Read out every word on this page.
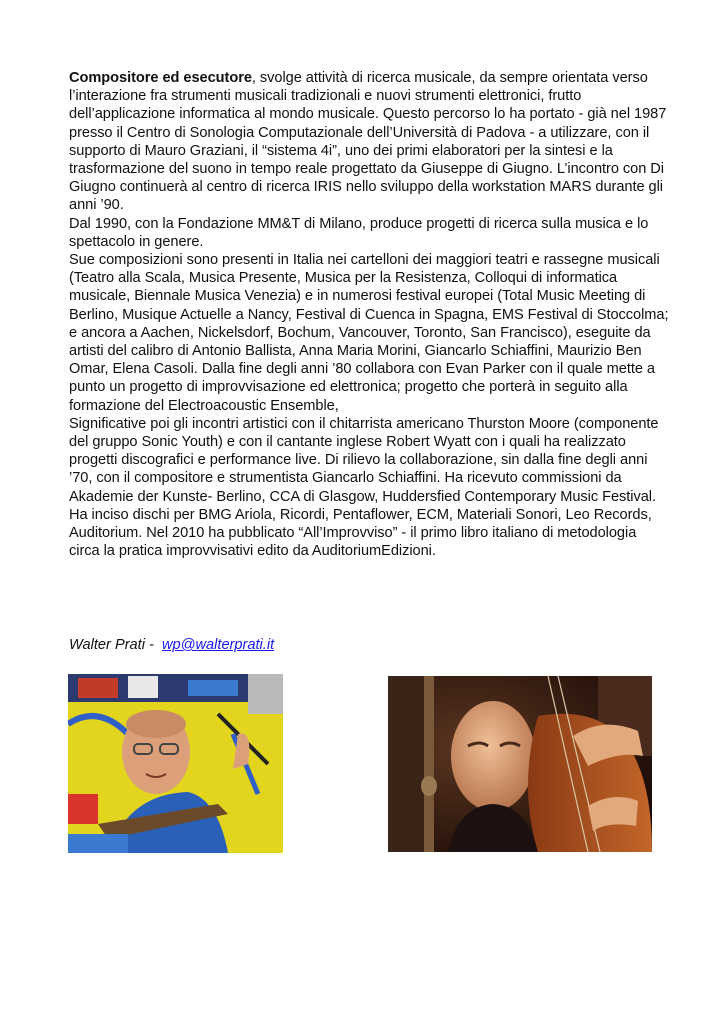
Compositore ed esecutore, svolge attività di ricerca musicale, da sempre orientata verso l’interazione fra strumenti musicali tradizionali e nuovi strumenti elettronici, frutto dell’applicazione informatica al mondo musicale. Questo percorso lo ha portato - già nel 1987 presso il Centro di Sonologia Computazionale dell’Università di Padova - a utilizzare, con il supporto di Mauro Graziani, il “sistema 4i”, uno dei primi elaboratori per la sintesi e la trasformazione del suono in tempo reale progettato da Giuseppe di Giugno. L’incontro con Di Giugno continuerà al centro di ricerca IRIS nello sviluppo della workstation MARS durante gli anni ’90.

Dal 1990, con la Fondazione MM&T di Milano, produce progetti di ricerca sulla musica e lo spettacolo in genere.

Sue composizioni sono presenti in Italia nei cartelloni dei maggiori teatri e rassegne musicali (Teatro alla Scala, Musica Presente, Musica per la Resistenza, Colloqui di informatica musicale, Biennale Musica Venezia) e in numerosi festival europei (Total Music Meeting di Berlino, Musique Actuelle a Nancy, Festival di Cuenca in Spagna, EMS Festival di Stoccolma; e ancora a Aachen, Nickelsdorf, Bochum, Vancouver, Toronto, San Francisco), eseguite da artisti del calibro di Antonio Ballista, Anna Maria Morini, Giancarlo Schiaffini, Maurizio Ben Omar, Elena Casoli. Dalla fine degli anni ’80 collabora con Evan Parker con il quale mette a punto un progetto di improvvisazione ed elettronica; progetto che porterà in seguito alla formazione del Electroacoustic Ensemble,

Significative poi gli incontri artistici con il chitarrista americano Thurston Moore (componente del gruppo Sonic Youth) e con il cantante inglese Robert Wyatt con i quali ha realizzato progetti discografici e performance live. Di rilievo la collaborazione, sin dalla fine degli anni ’70, con il compositore e strumentista Giancarlo Schiaffini. Ha ricevuto commissioni da Akademie der Kunste- Berlino, CCA di Glasgow, Huddersfied Contemporary Music Festival.

Ha inciso dischi per BMG Ariola, Ricordi, Pentaflower, ECM, Materiali Sonori, Leo Records, Auditorium. Nel 2010 ha pubblicato “All’Improvviso” - il primo libro italiano di metodologia circa la pratica improvvisativi edito da AuditoriumEdizioni.

Walter Prati -  wp@walterprati.it
